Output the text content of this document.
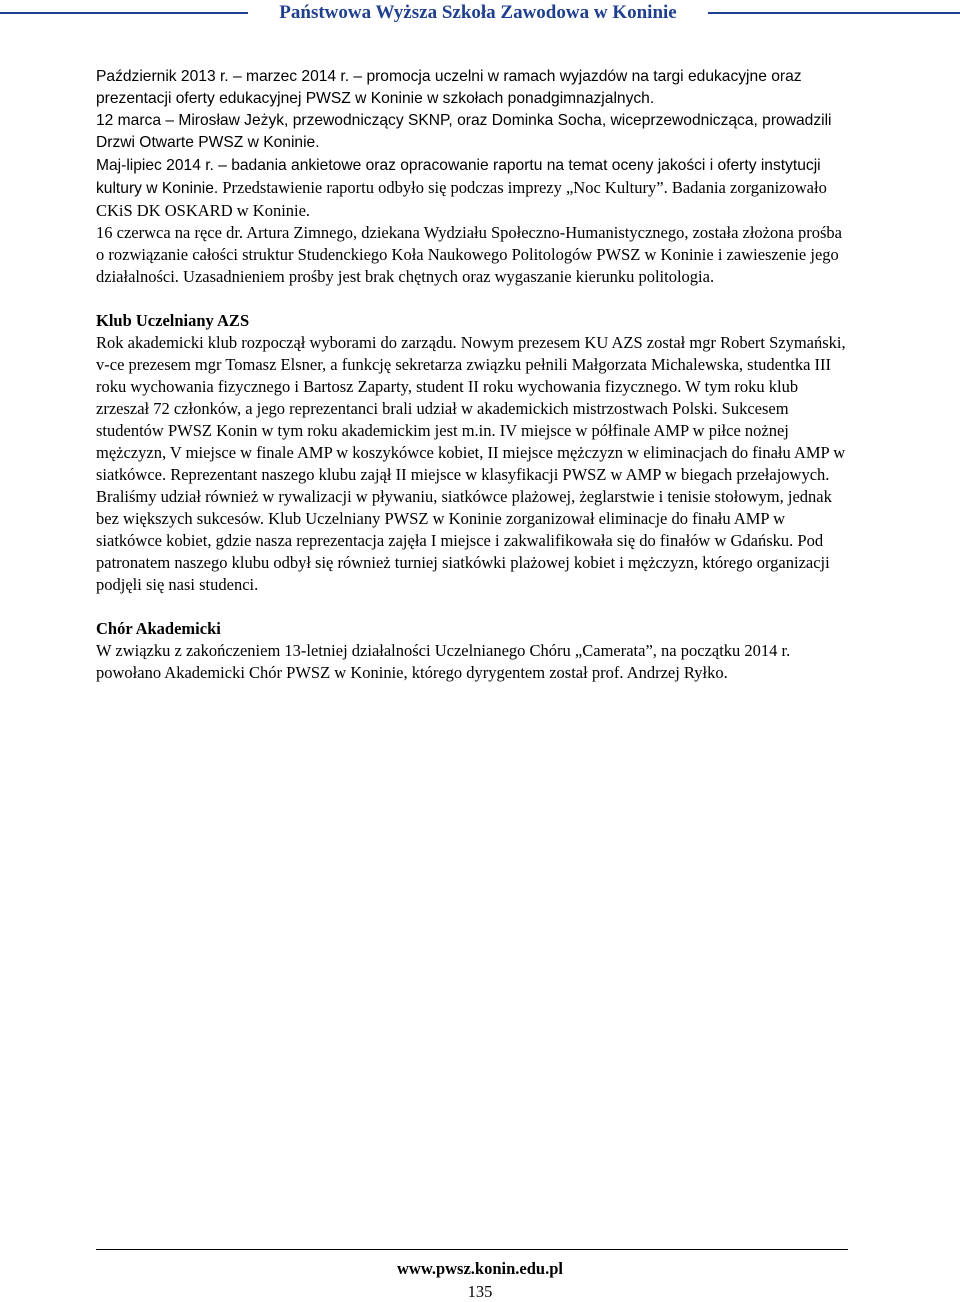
Państwowa Wyższa Szkoła Zawodowa w Koninie

Październik 2013 r. – marzec 2014 r. – promocja uczelni w ramach wyjazdów na targi edukacyjne oraz prezentacji oferty edukacyjnej PWSZ w Koninie w szkołach ponadgimnazjalnych.

12 marca – Mirosław Jeżyk, przewodniczący SKNP, oraz Dominka Socha, wiceprzewodnicząca, prowadzili Drzwi Otwarte PWSZ w Koninie.

Maj-lipiec 2014 r. – badania ankietowe oraz opracowanie raportu na temat oceny jakości i oferty instytucji kultury w Koninie. Przedstawienie raportu odbyło się podczas imprezy „Noc Kultury”. Badania zorganizowało CKiS DK OSKARD w Koninie.

16 czerwca na ręce dr. Artura Zimnego, dziekana Wydziału Społeczno-Humanistycznego, została złożona prośba o rozwiązanie całości struktur Studenckiego Koła Naukowego Politologów PWSZ w Koninie i zawieszenie jego działalności. Uzasadnieniem prośby jest brak chętnych oraz wygaszanie kierunku politologia.

Klub Uczelniany AZS

Rok akademicki klub rozpoczął wyborami do zarządu. Nowym prezesem KU AZS został mgr Robert Szymański, v-ce prezesem mgr Tomasz Elsner, a funkcję sekretarza związku pełnili Małgorzata Michalewska, studentka III roku wychowania fizycznego i Bartosz Zaparty, student II roku wychowania fizycznego. W tym roku klub zrzeszał 72 członków, a jego reprezentanci brali udział w akademickich mistrzostwach Polski. Sukcesem studentów PWSZ Konin w tym roku akademickim jest m.in. IV miejsce w półfinale AMP w piłce nożnej mężczyzn, V miejsce w finale AMP w koszykówce kobiet, II miejsce mężczyzn w eliminacjach do finału AMP w siatkówce. Reprezentant naszego klubu zajął II miejsce w klasyfikacji PWSZ w AMP w biegach przełajowych. Braliśmy udział również w rywalizacji w pływaniu, siatkówce plażowej, żeglarstwie i tenisie stołowym, jednak bez większych sukcesów. Klub Uczelniany PWSZ w Koninie zorganizował eliminacje do finału AMP w siatkówce kobiet, gdzie nasza reprezentacja zajęła I miejsce i zakwalifikowała się do finałów w Gdańsku. Pod patronatem naszego klubu odbył się również turniej siatkówki plażowej kobiet i mężczyzn, którego organizacji podjęli się nasi studenci.

Chór Akademicki

W związku z zakończeniem 13-letniej działalności Uczelnianego Chóru „Camerata”, na początku 2014 r. powołano Akademicki Chór PWSZ w Koninie, którego dyrygentem został prof. Andrzej Ryłko.

www.pwsz.konin.edu.pl
135
